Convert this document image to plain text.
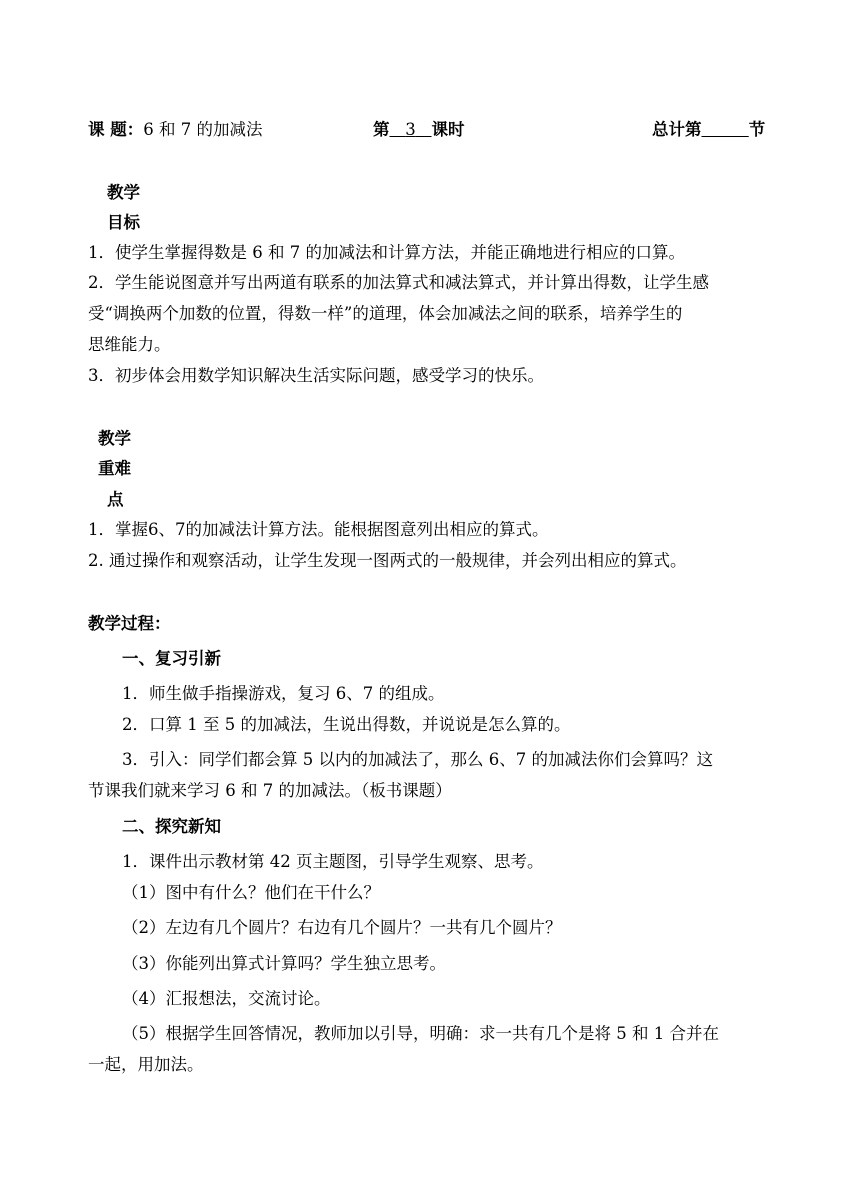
课 题：6 和 7 的加减法	第 3 课时	总计第	节
教学
目标
1．使学生掌握得数是 6 和 7 的加减法和计算方法，并能正确地进行相应的口算。
2．学生能说图意并写出两道有联系的加法算式和减法算式，并计算出得数，让学生感
受“调换两个加数的位置，得数一样”的道理，体会加减法之间的联系，培养学生的
思维能力。
3．初步体会用数学知识解决生活实际问题，感受学习的快乐。
教学
重难
点
1．掌握6、7的加减法计算方法。能根据图意列出相应的算式。
2. 通过操作和观察活动，让学生发现一图两式的一般规律，并会列出相应的算式。
教学过程：
一、复习引新
1．师生做手指操游戏，复习 6、7 的组成。
2．口算 1 至 5 的加减法，生说出得数，并说说是怎么算的。
3．引入：同学们都会算 5 以内的加减法了，那么 6、7 的加减法你们会算吗？这
节课我们就来学习 6 和 7 的加减法。（板书课题）
二、探究新知
1．课件出示教材第 42 页主题图，引导学生观察、思考。
（1）图中有什么？他们在干什么？
（2）左边有几个圆片？右边有几个圆片？一共有几个圆片？
（3）你能列出算式计算吗？学生独立思考。
（4）汇报想法，交流讨论。
（5）根据学生回答情况，教师加以引导，明确：求一共有几个是将 5 和 1 合并在
一起，用加法。
